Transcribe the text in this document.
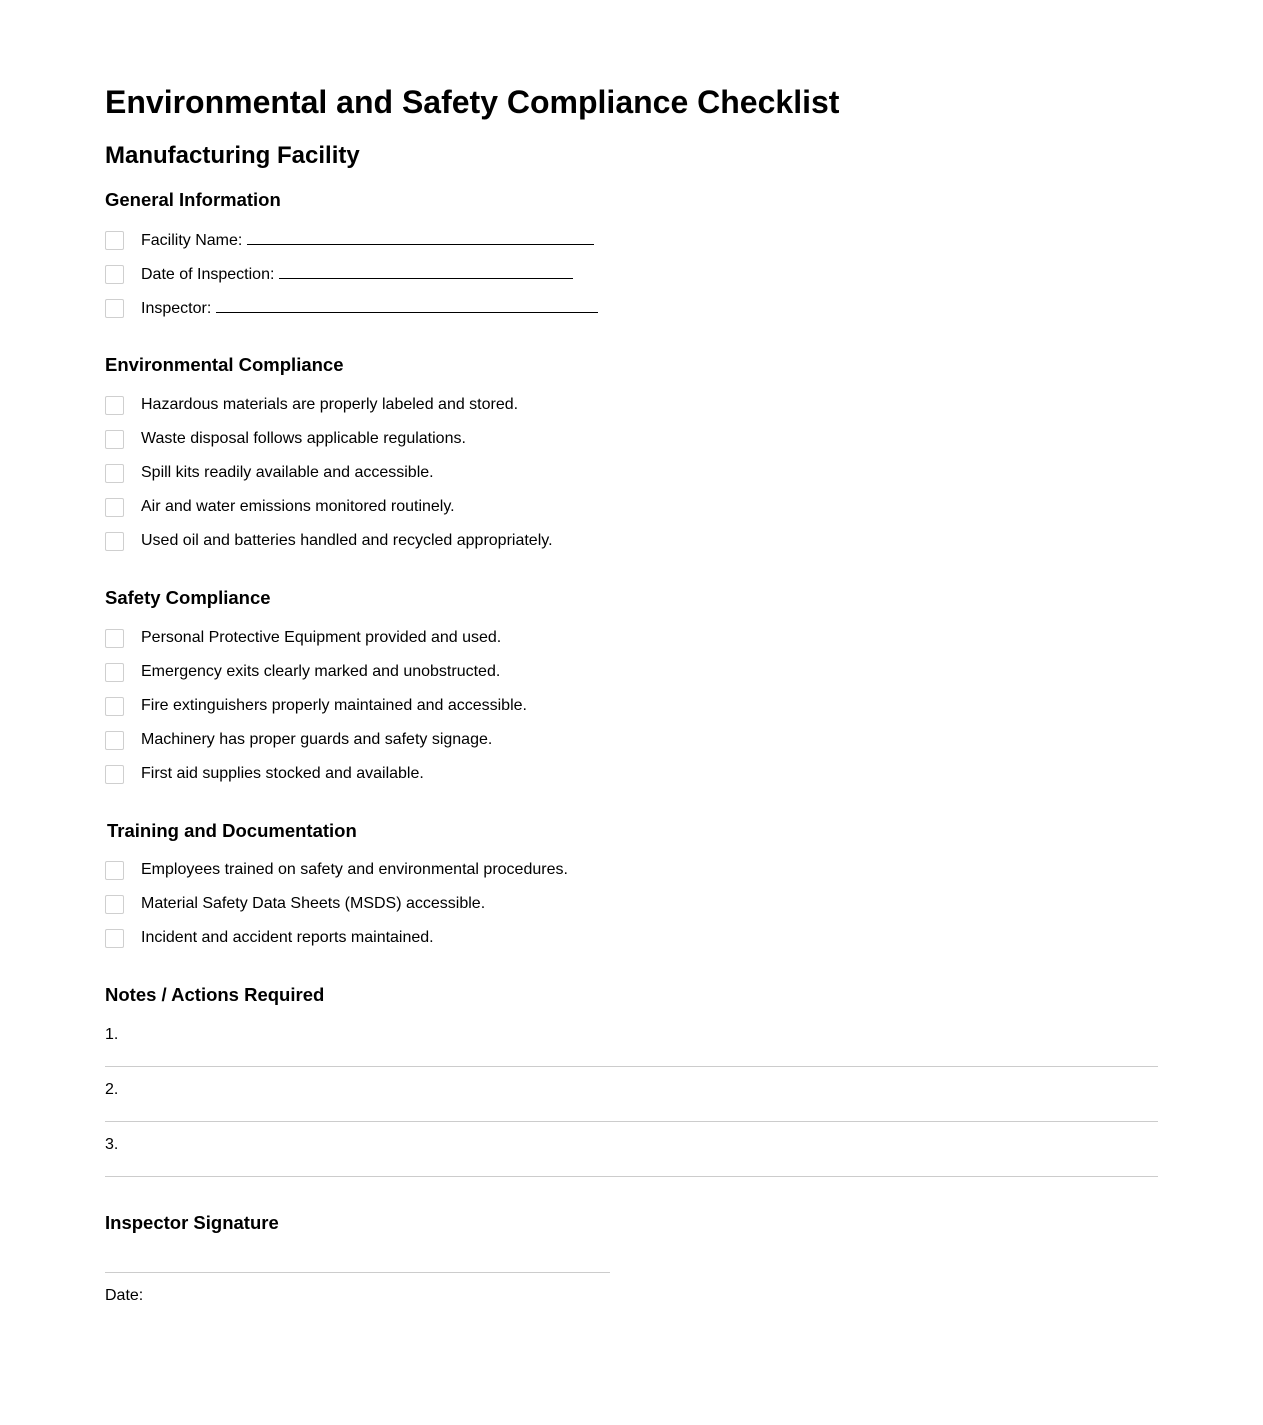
Environmental and Safety Compliance Checklist
Manufacturing Facility
General Information
Facility Name:
Date of Inspection:
Inspector:
Environmental Compliance
Hazardous materials are properly labeled and stored.
Waste disposal follows applicable regulations.
Spill kits readily available and accessible.
Air and water emissions monitored routinely.
Used oil and batteries handled and recycled appropriately.
Safety Compliance
Personal Protective Equipment provided and used.
Emergency exits clearly marked and unobstructed.
Fire extinguishers properly maintained and accessible.
Machinery has proper guards and safety signage.
First aid supplies stocked and available.
Training and Documentation
Employees trained on safety and environmental procedures.
Material Safety Data Sheets (MSDS) accessible.
Incident and accident reports maintained.
Notes / Actions Required
1.
2.
3.
Inspector Signature
Date:
